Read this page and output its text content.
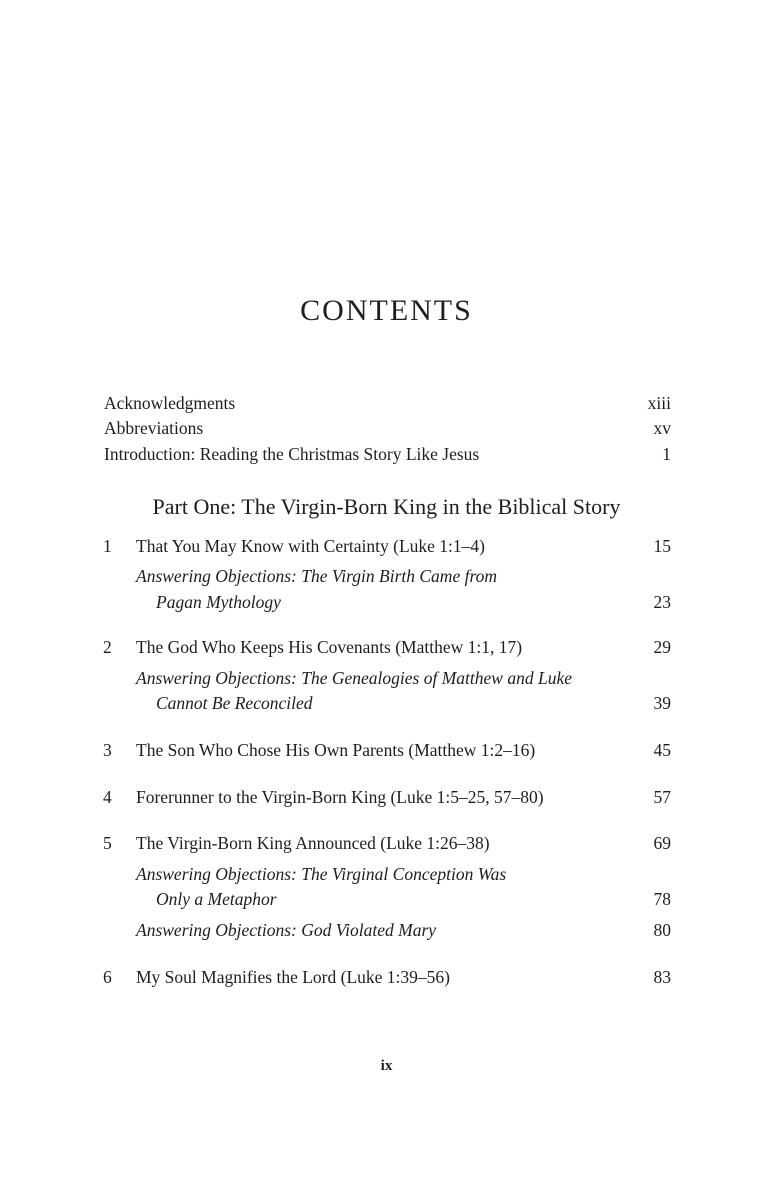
CONTENTS
Acknowledgments	xiii
Abbreviations	xv
Introduction: Reading the Christmas Story Like Jesus	1
Part One: The Virgin-Born King in the Biblical Story
1 That You May Know with Certainty (Luke 1:1–4)	15
Answering Objections: The Virgin Birth Came from
Pagan Mythology	23
2 The God Who Keeps His Covenants (Matthew 1:1, 17)	29
Answering Objections: The Genealogies of Matthew and Luke
Cannot Be Reconciled	39
3 The Son Who Chose His Own Parents (Matthew 1:2–16)	45
4 Forerunner to the Virgin-Born King (Luke 1:5–25, 57–80)	57
5 The Virgin-Born King Announced (Luke 1:26–38)	69
Answering Objections: The Virginal Conception Was
Only a Metaphor	78
Answering Objections: God Violated Mary	80
6 My Soul Magnifies the Lord (Luke 1:39–56)	83
ix
